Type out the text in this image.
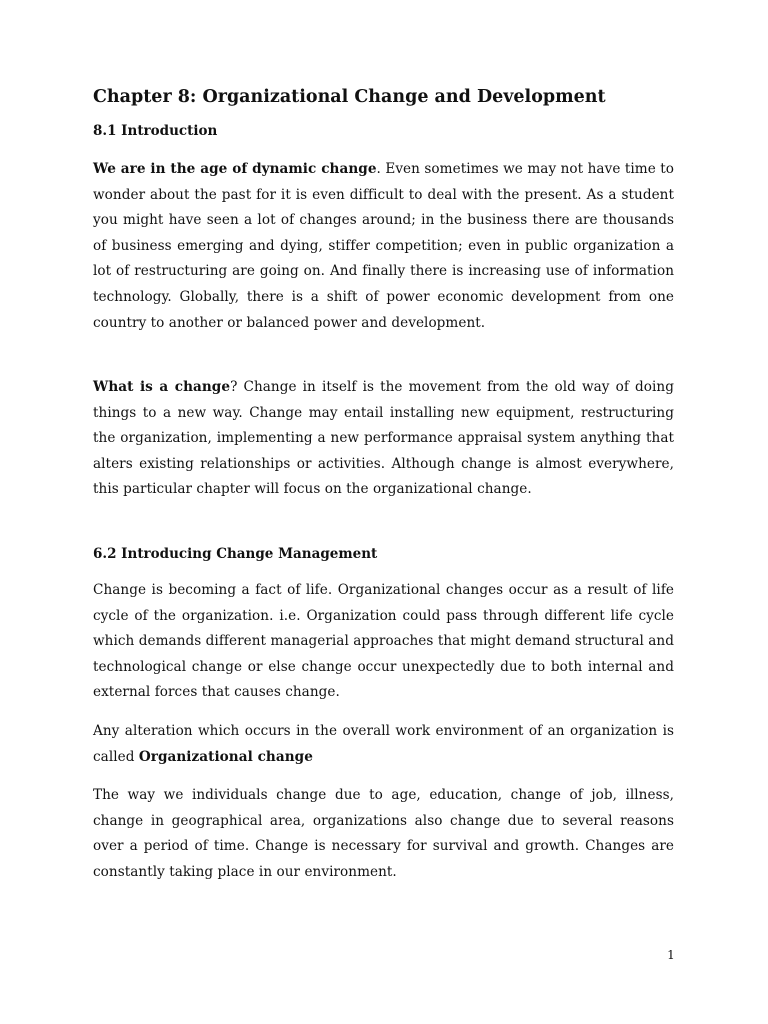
Chapter 8: Organizational Change and Development
8.1 Introduction

We are in the age of dynamic change. Even sometimes we may not have time to wonder about the past for it is even difficult to deal with the present. As a student you might have seen a lot of changes around; in the business there are thousands of business emerging and dying, stiffer competition; even in public organization a lot of restructuring are going on. And finally there is increasing use of information technology. Globally, there is a shift of power economic development from one country to another or balanced power and development.

What is a change? Change in itself is the movement from the old way of doing things to a new way. Change may entail installing new equipment, restructuring the organization, implementing a new performance appraisal system anything that alters existing relationships or activities. Although change is almost everywhere, this particular chapter will focus on the organizational change.

6.2 Introducing Change Management

Change is becoming a fact of life. Organizational changes occur as a result of life cycle of the organization. i.e. Organization could pass through different life cycle which demands different managerial approaches that might demand structural and technological change or else change occur unexpectedly due to both internal and external forces that causes change.

Any alteration which occurs in the overall work environment of an organization is called Organizational change

The way we individuals change due to age, education, change of job, illness, change in geographical area, organizations also change due to several reasons over a period of time. Change is necessary for survival and growth. Changes are constantly taking place in our environment.

1
